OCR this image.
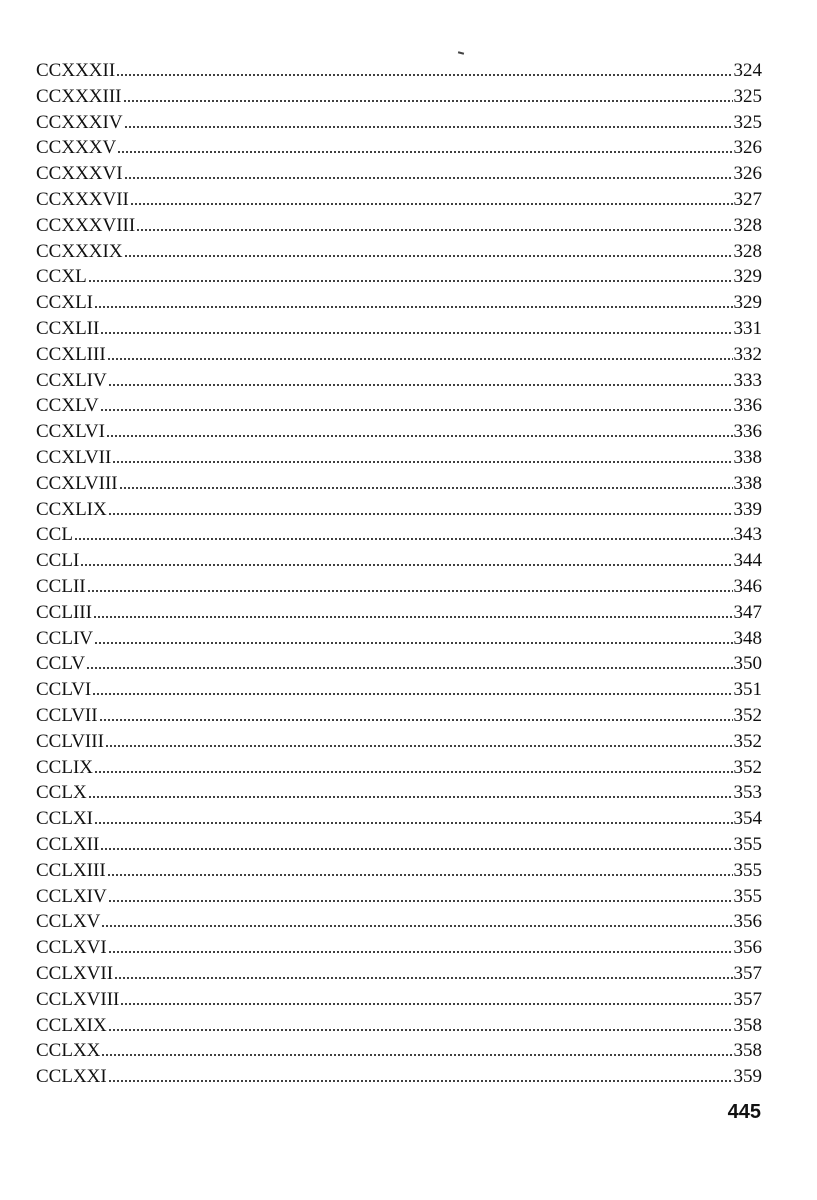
CCXXXII	324
CCXXXIII	325
CCXXXIV	325
CCXXXV	326
CCXXXVI	326
CCXXXVII	327
CCXXXVIII	328
CCXXXIX	328
CCXL	329
CCXLI	329
CCXLII	331
CCXLIII	332
CCXLIV	333
CCXLV	336
CCXLVI	336
CCXLVII	338
CCXLVIII	338
CCXLIX	339
CCL	343
CCLI	344
CCLII	346
CCLIII	347
CCLIV	348
CCLV	350
CCLVI	351
CCLVII	352
CCLVIII	352
CCLIX	352
CCLX	353
CCLXI	354
CCLXII	355
CCLXIII	355
CCLXIV	355
CCLXV	356
CCLXVI	356
CCLXVII	357
CCLXVIII	357
CCLXIX	358
CCLXX	358
CCLXXI	359
445
